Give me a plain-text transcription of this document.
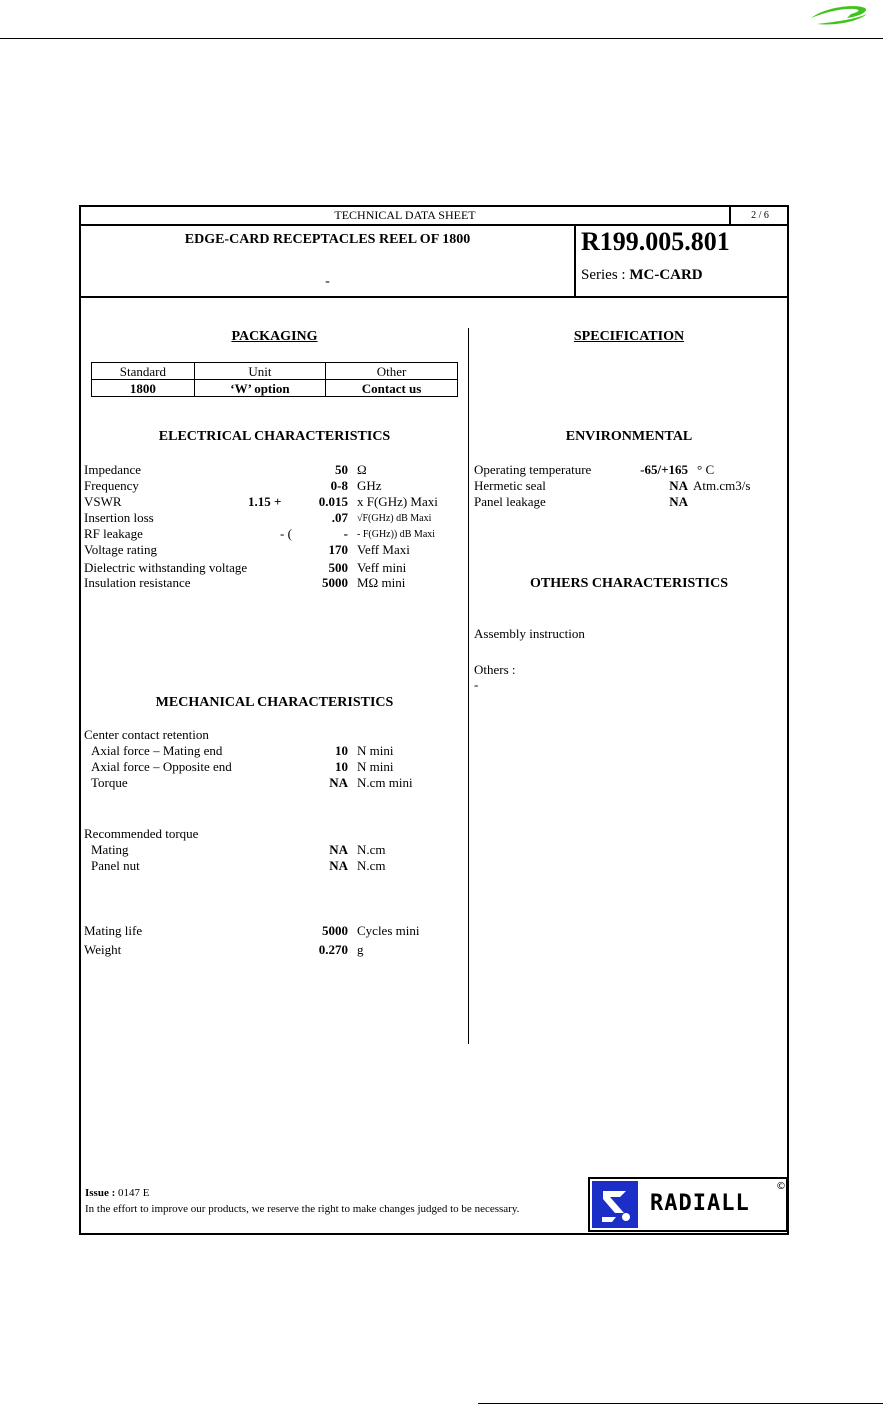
TECHNICAL DATA SHEET	2 / 6
EDGE-CARD RECEPTACLES REEL OF 1800
-
R199.005.801
Series : MC-CARD
PACKAGING
Standard	Unit	Other
1800	‘W’ option	Contact us
ELECTRICAL CHARACTERISTICS
Impedance	50 Ω
Frequency	0-8 GHz
VSWR	1.15 +	0.015 x F(GHz) Maxi
Insertion loss	.07 √F(GHz) dB Maxi
RF leakage	- (	- - F(GHz)) dB Maxi
Voltage rating	170 Veff Maxi
Dielectric withstanding voltage	500 Veff mini
Insulation resistance	5000 MΩ mini
MECHANICAL CHARACTERISTICS
Center contact retention
Axial force – Mating end	10 N mini
Axial force – Opposite end	10 N mini
Torque	NA N.cm mini
Recommended torque
Mating	NA N.cm
Panel nut	NA N.cm
Mating life	5000 Cycles mini
Weight	0.270 g
SPECIFICATION
ENVIRONMENTAL
Operating temperature	-65/+165 ° C
Hermetic seal	NA Atm.cm3/s
Panel leakage	NA
OTHERS CHARACTERISTICS
Assembly instruction
Others :
-
Issue : 0147 E
In the effort to improve our products, we reserve the right to make changes judged to be necessary.	RADIALL
©
